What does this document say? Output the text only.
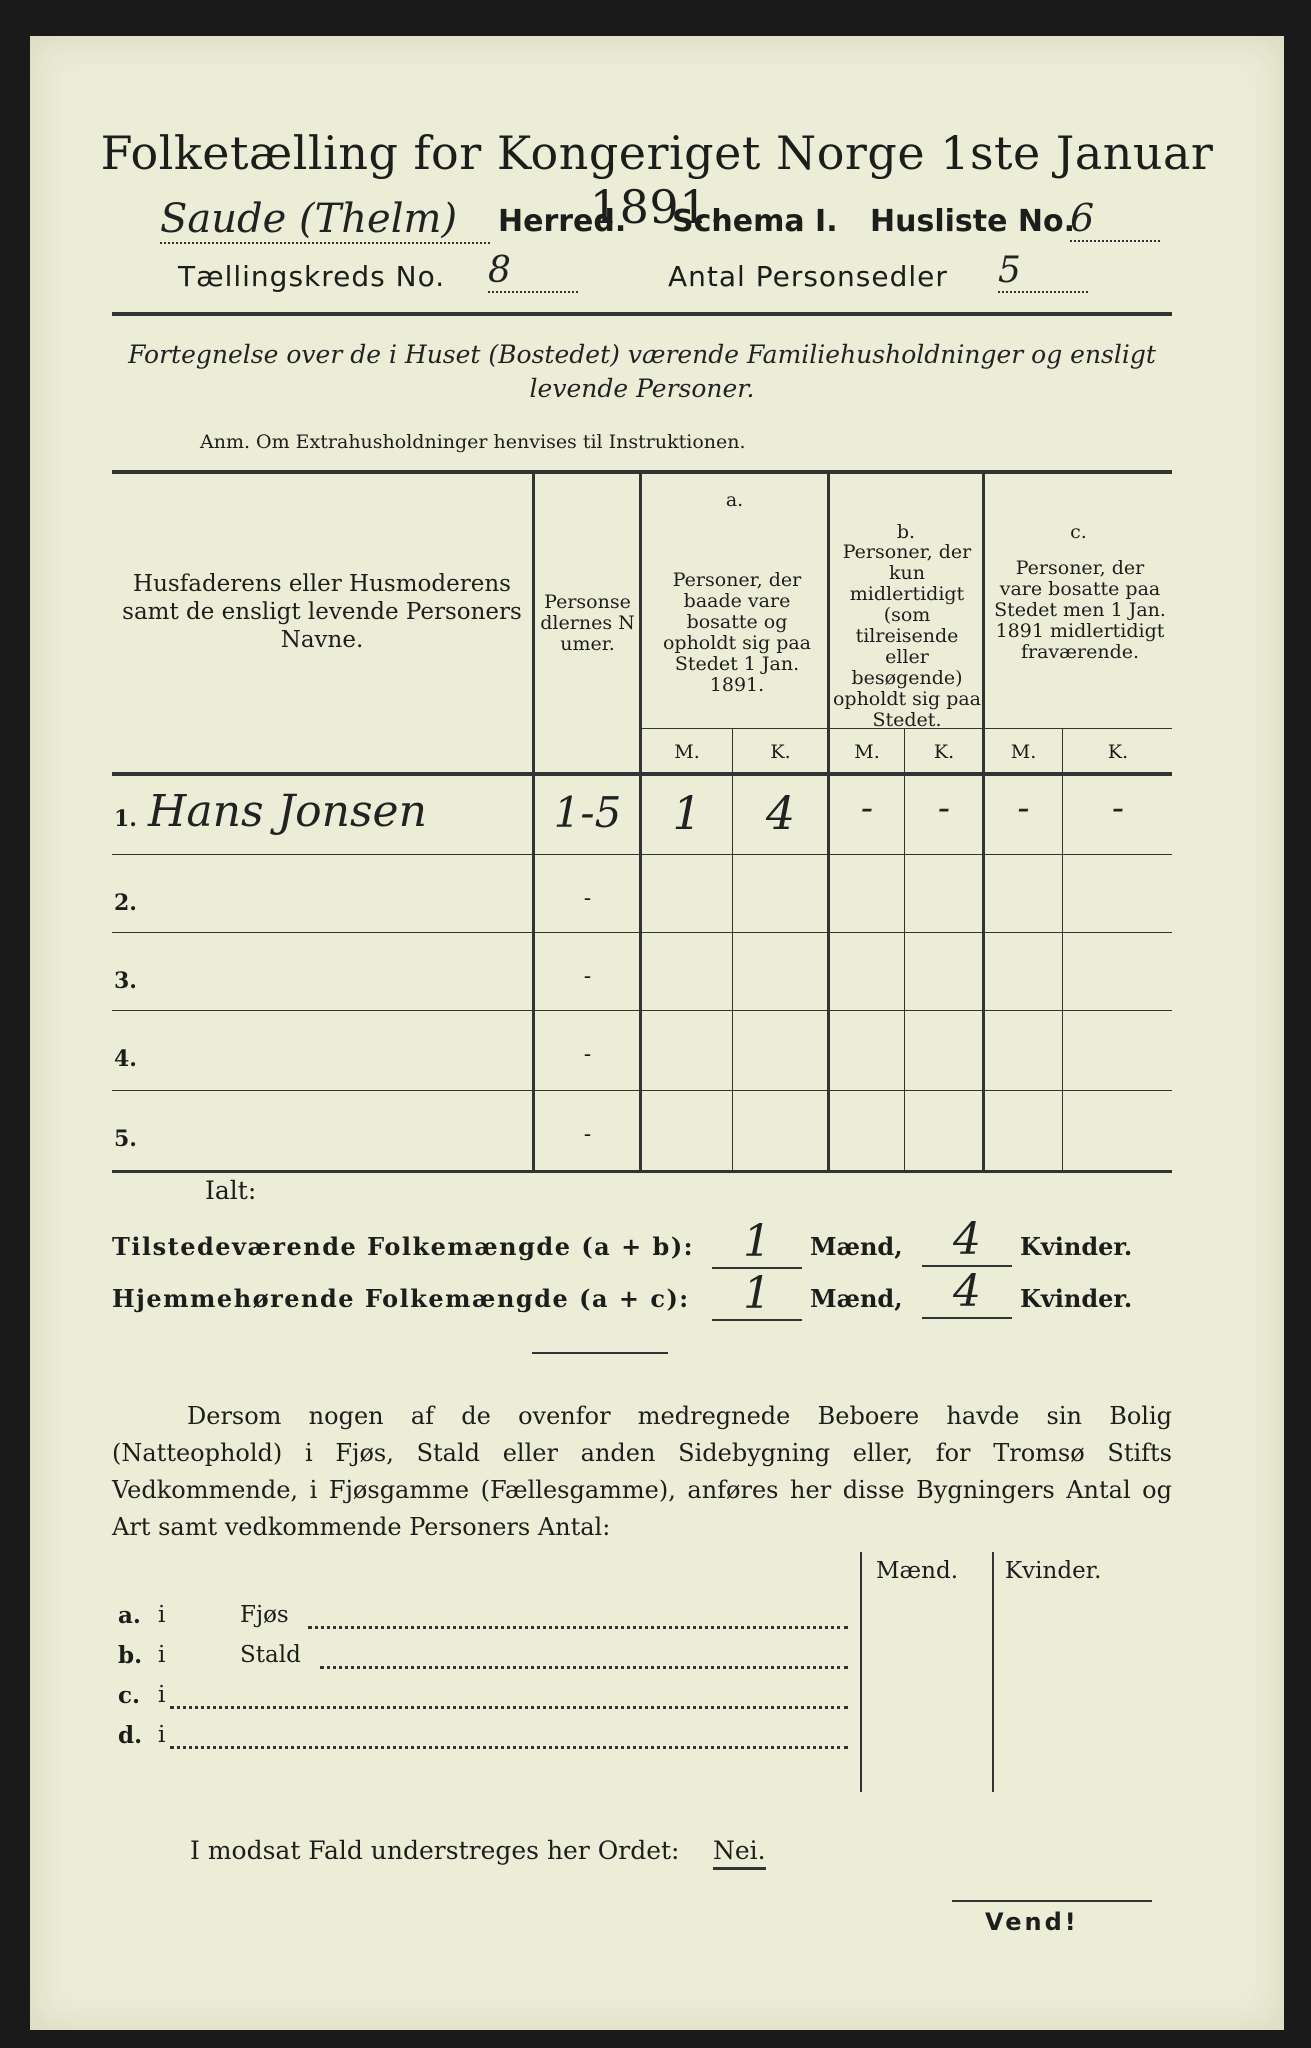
Folketælling for Kongeriget Norge 1ste Januar 1891.
Saude (Thelm)	Herred. Schema I. Husliste No.
6
Tællingskreds No. 8	Antal Personsedler 5
Fortegnelse over de i Huset (Bostedet) værende Familiehusholdninger og ensligt levende Personer.
Anm. Om Extrahusholdninger henvises til Instruktionen.
Husfaderens eller Husmoderens samt de ensligt levende Personers Navne.
Personsedlernes Numer.
a.
Personer, der baade vare bosatte og opholdt sig paa Stedet 1 Jan. 1891.
b.
Personer, der kun midlertidigt (som tilreisende eller besøgende) opholdt sig paa Stedet.
c.
Personer, der vare bosatte paa Stedet men 1 Jan. 1891 midlertidigt fraværende.
M.	K.	M.	K.	M.	K.
1. Hans Jonsen	1-5	1	4	-	-	-	-
2.	-
3.	-
4.	-
5.	-
Ialt:
Tilstedeværende Folkemængde (a + b):	1	Mænd,	4	Kvinder.
Hjemmehørende Folkemængde (a + c):	1	Mænd,	4	Kvinder.
Dersom nogen af de ovenfor medregnede Beboere havde sin Bolig (Natteophold) i Fjøs, Stald eller anden Sidebygning eller, for Tromsø Stifts Vedkommende, i Fjøsgamme (Fællesgamme), anføres her disse Bygningers Antal og Art samt vedkommende Personers Antal:
Mænd. Kvinder.
a. i	Fjøs
b. i	Stald
c. i
d. i
I modsat Fald understreges her Ordet: Nei.
Vend!
